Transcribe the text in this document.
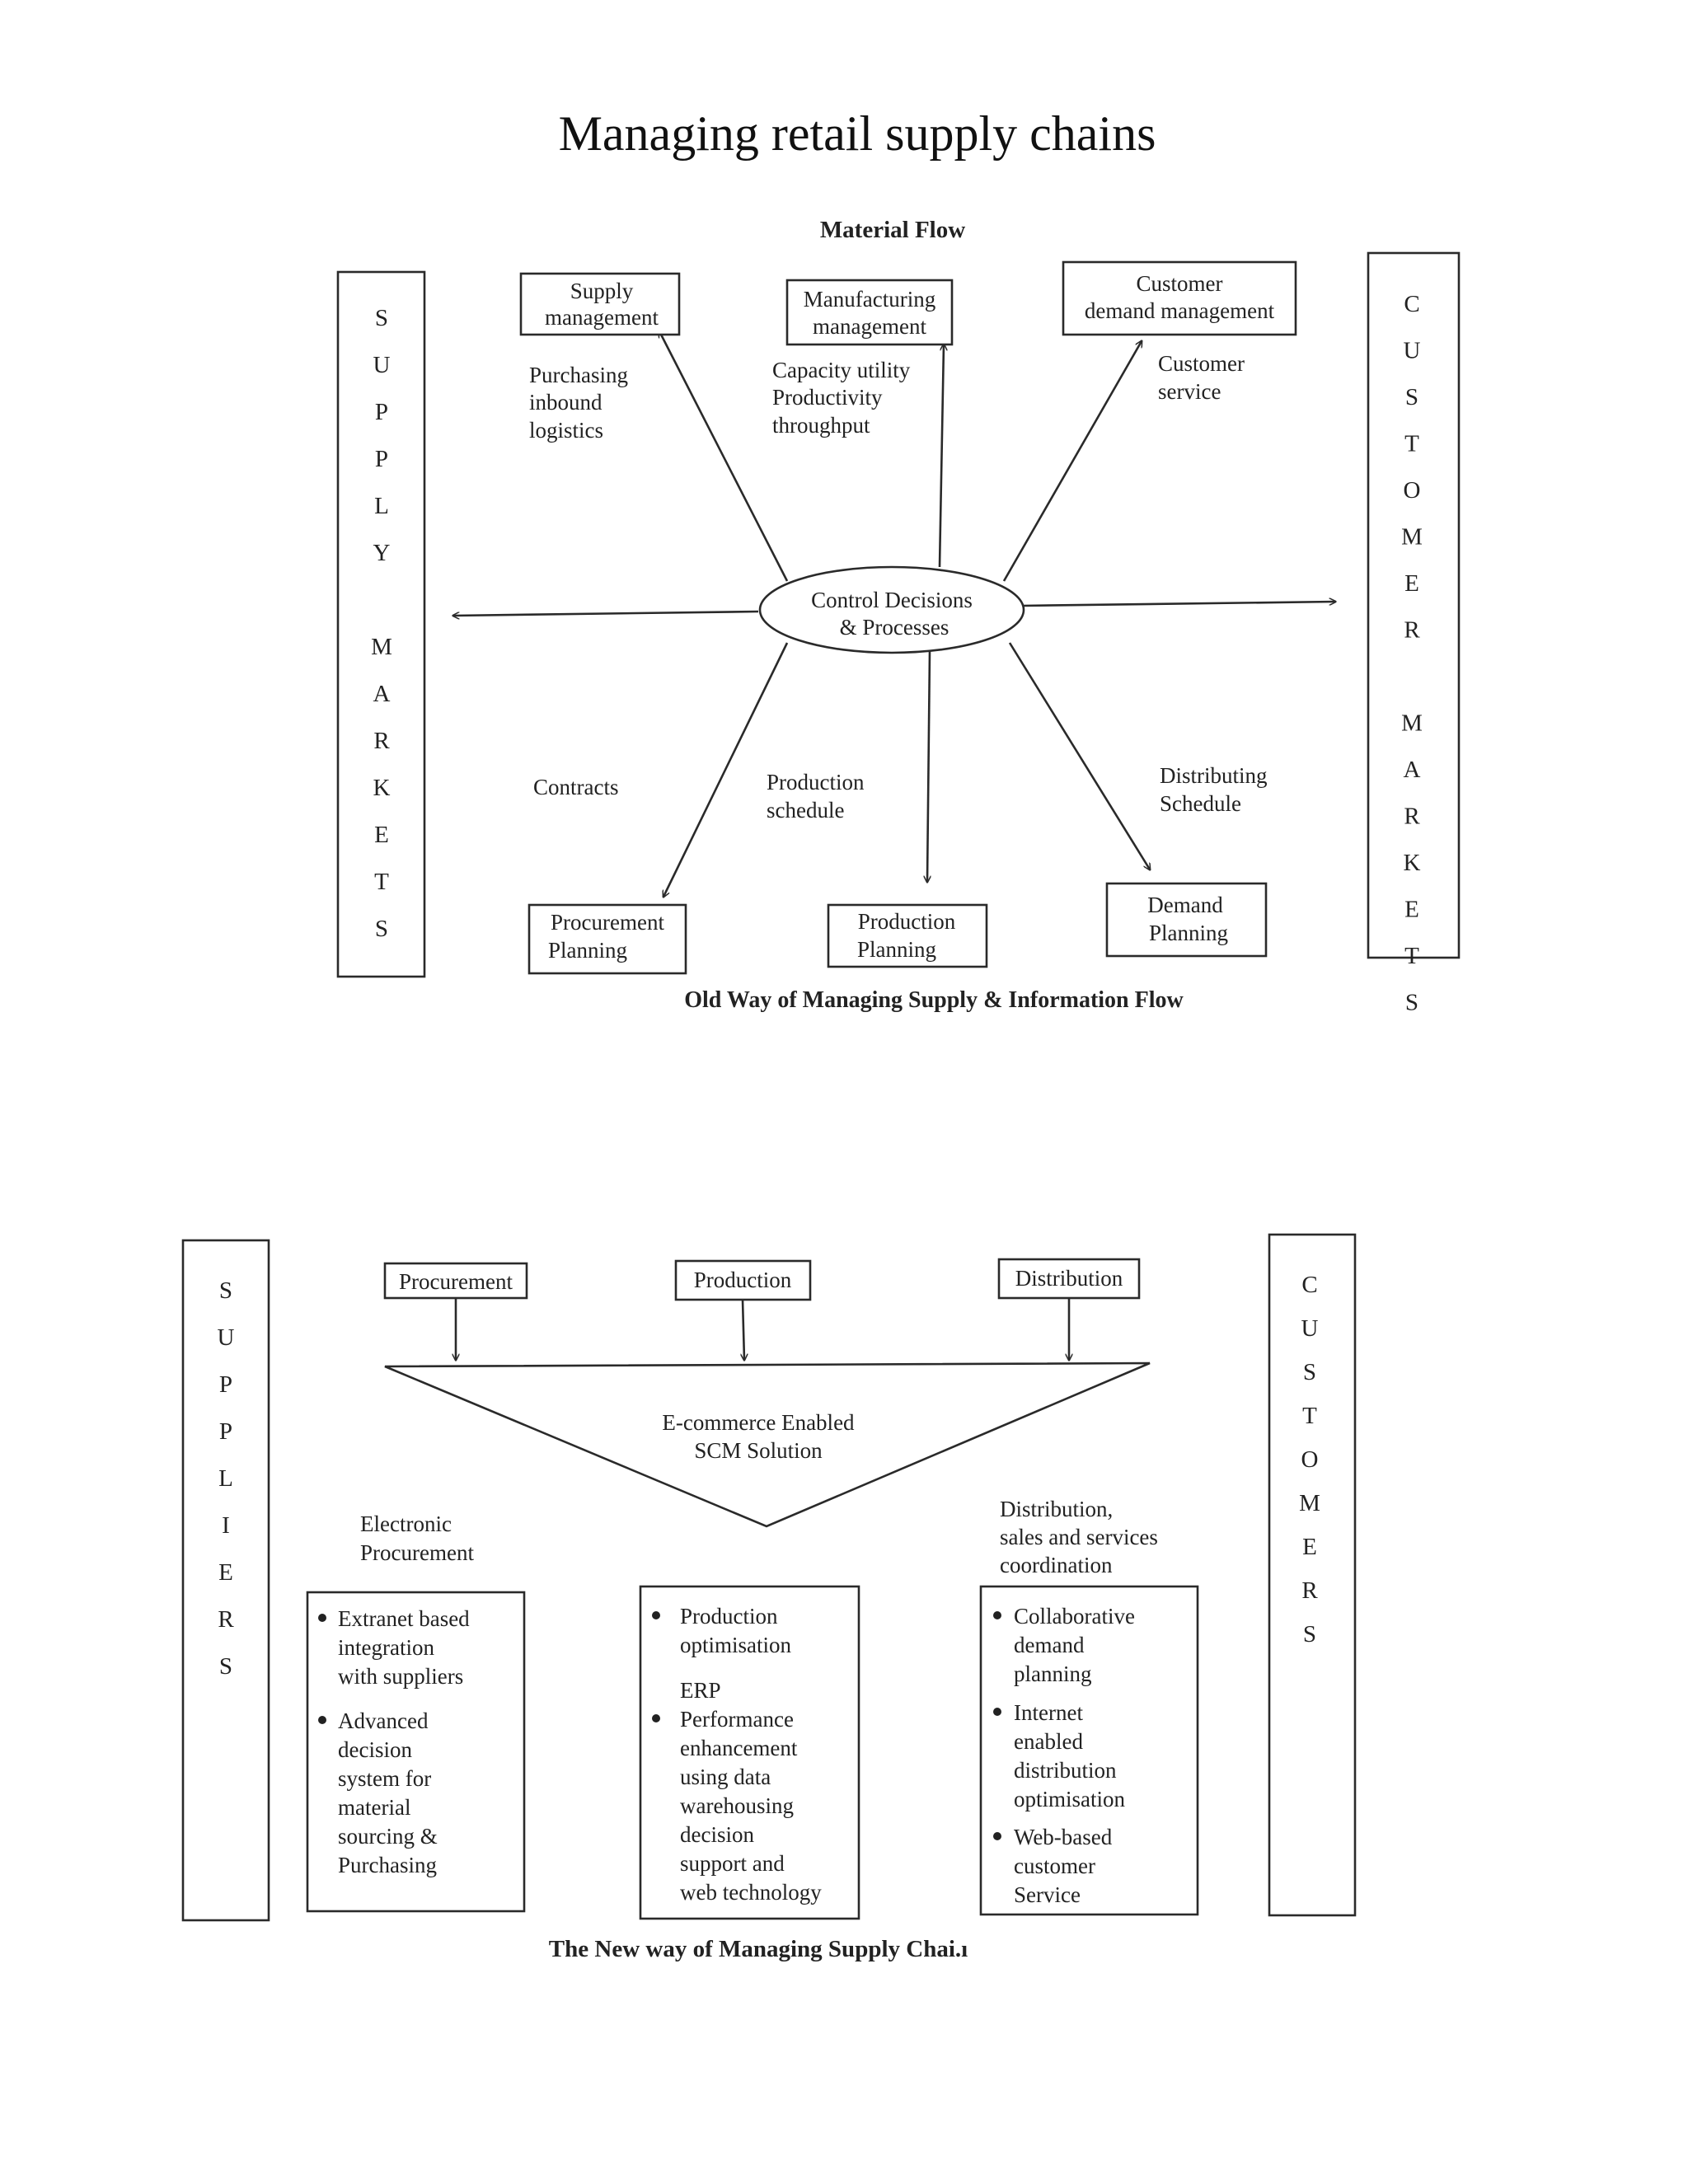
Managing retail supply chains
Material Flow
S
U
P
P
L
Y
M
A
R
K
E
T
S
C
U
S
T
O
M
E
R
M
A
R
K
E
T
S
Control Decisions
& Processes
Supply
management
Manufacturing
management
Customer
demand management
Procurement
Planning
Production
Planning
Demand
Planning
Purchasing
inbound
logistics
Capacity utility
Productivity
throughput
Customer
service
Contracts	Production
schedule
Distributing
Schedule
Old Way of Managing Supply & Information Flow
S
U
P
P
L
I
E
R
S
C
U
S
T
O
M
E
R
S
Procurement	Production	Distribution
E-commerce Enabled
SCM Solution
Electronic
Procurement
Distribution,
sales and services
coordination
Extranet based
integration
with suppliers
Advanced
decision
system for
material
sourcing &
Purchasing
Production
optimisation
ERP
Performance
enhancement
using data
warehousing
decision
support and
web technology
Collaborative
demand
planning
Internet
enabled
distribution
optimisation
Web-based
customer
Service
The New way of Managing Supply Chai.ı
